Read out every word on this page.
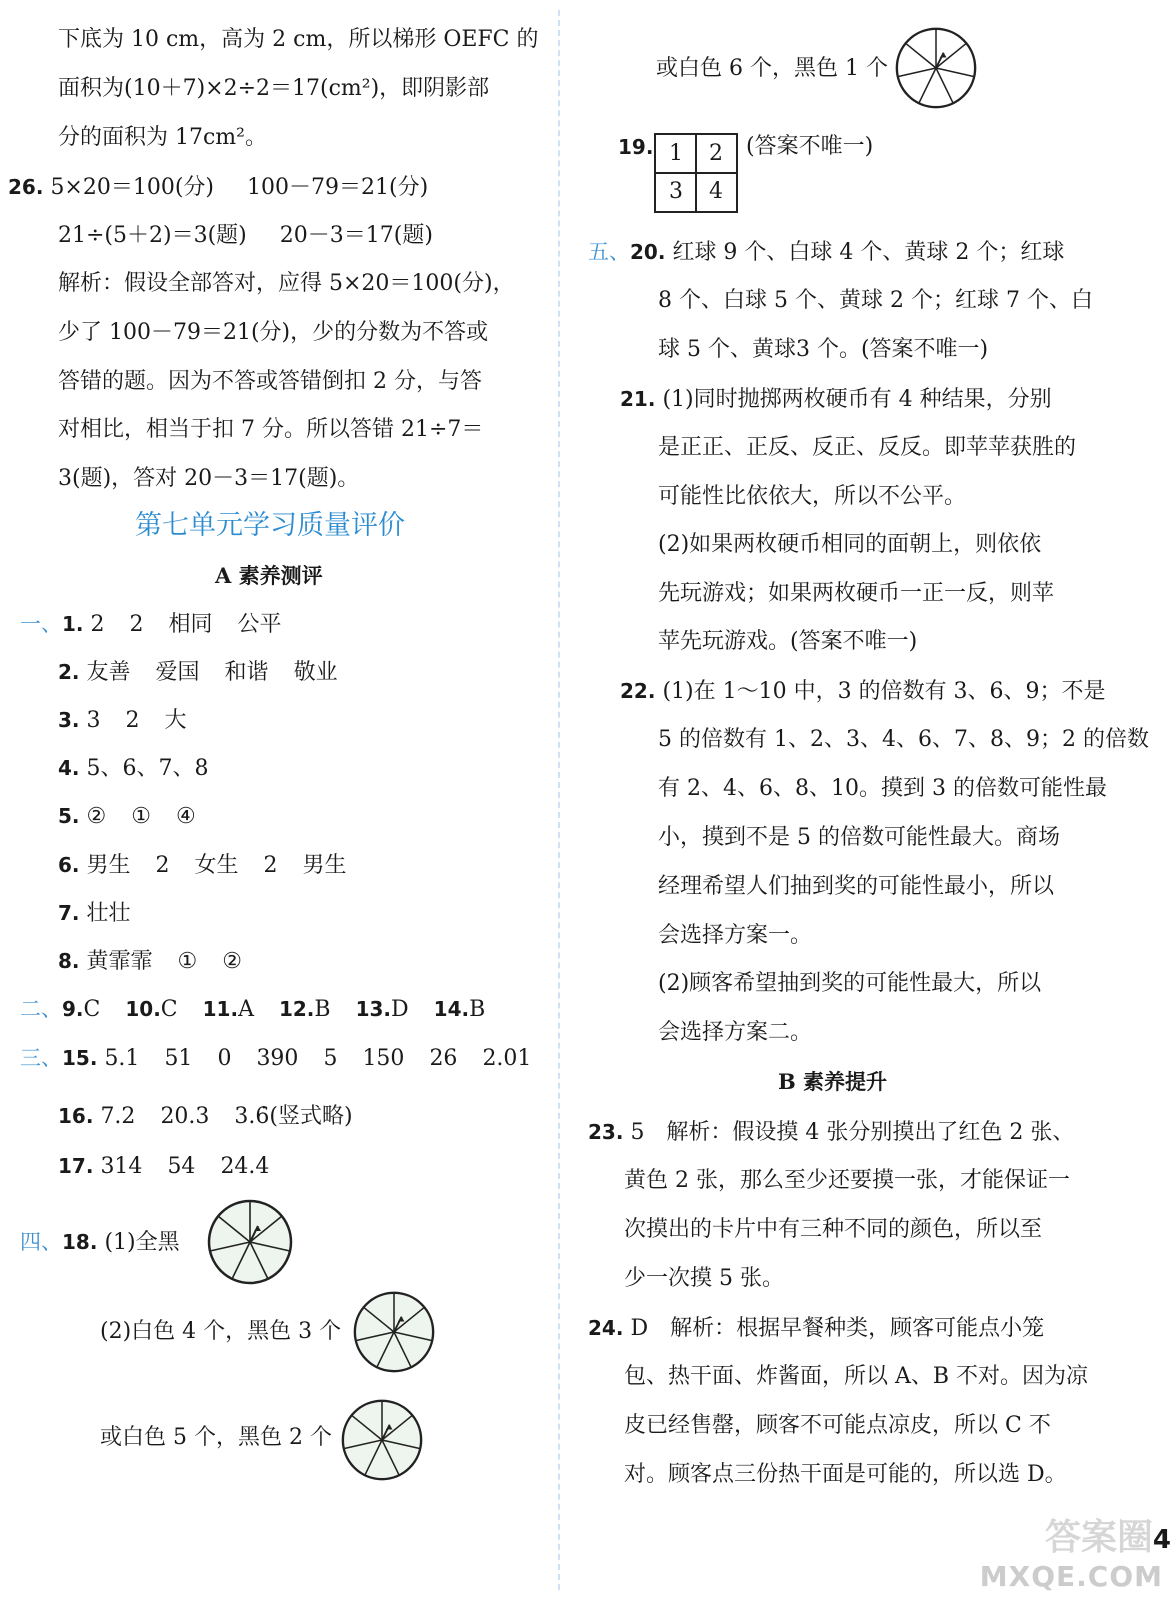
下底为 10 cm，高为 2 cm，所以梯形 OEFC 的
面积为(10＋7)×2÷2＝17(cm²)，即阴影部
分的面积为 17cm²。
26. 5×20＝100(分) 100－79＝21(分)
21÷(5＋2)＝3(题) 20－3＝17(题)
解析：假设全部答对，应得 5×20＝100(分)，
少了 100－79＝21(分)，少的分数为不答或
答错的题。因为不答或答错倒扣 2 分，与答
对相比，相当于扣 7 分。所以答错 21÷7＝
3(题)，答对 20－3＝17(题)。
第七单元学习质量评价
A 素养测评
一、1. 2 2 相同 公平
2. 友善 爱国 和谐 敬业
3. 3 2 大
4. 5、6、7、8
5. ② ① ④
6. 男生 2 女生 2 男生
7. 壮壮
8. 黄霏霏 ① ②
二、9.C 10.C 11.A 12.B 13.D 14.B
三、15. 5.1 51 0 390 5 150 26 2.01
16. 7.2 20.3 3.6̇(竖式略)
17. 314 54 24.4
四、18. (1)全黑
(2)白色 4 个，黑色 3 个
或白色 5 个，黑色 2 个
或白色 6 个，黑色 1 个
19. 1	2
3	4
(答案不唯一)
五、20. 红球 9 个、白球 4 个、黄球 2 个；红球
8 个、白球 5 个、黄球 2 个；红球 7 个、白
球 5 个、黄球3 个。(答案不唯一)
21. (1)同时抛掷两枚硬币有 4 种结果，分别
是正正、正反、反正、反反。即苹苹获胜的
可能性比依依大，所以不公平。
(2)如果两枚硬币相同的面朝上，则依依
先玩游戏；如果两枚硬币一正一反，则苹
苹先玩游戏。(答案不唯一)
22. (1)在 1～10 中，3 的倍数有 3、6、9；不是
5 的倍数有 1、2、3、4、6、7、8、9；2 的倍数
有 2、4、6、8、10。摸到 3 的倍数可能性最
小，摸到不是 5 的倍数可能性最大。商场
经理希望人们抽到奖的可能性最小，所以
会选择方案一。
(2)顾客希望抽到奖的可能性最大，所以
会选择方案二。
B 素养提升
23. 5　解析：假设摸 4 张分别摸出了红色 2 张、
黄色 2 张，那么至少还要摸一张，才能保证一
次摸出的卡片中有三种不同的颜色，所以至
少一次摸 5 张。
24. D　解析：根据早餐种类，顾客可能点小笼
包、热干面、炸酱面，所以 A、B 不对。因为凉
皮已经售罄，顾客不可能点凉皮，所以 C 不
对。顾客点三份热干面是可能的，所以选 D。
答案圈
MXQE.COM
4
